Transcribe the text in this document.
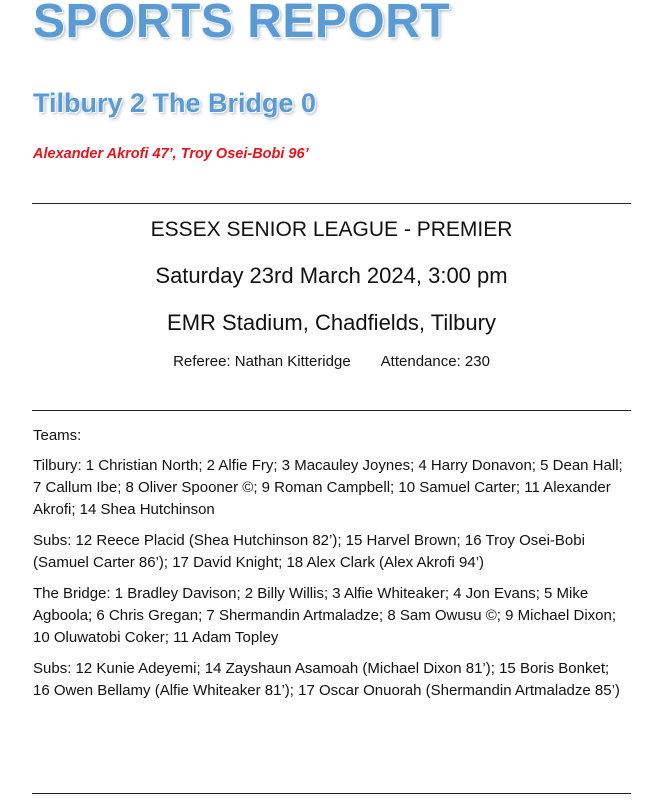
SPORTS REPORT
Tilbury 2 The Bridge 0

Alexander Akrofi 47’, Troy Osei-Bobi 96’

ESSEX SENIOR LEAGUE - PREMIER
Saturday 23rd March 2024, 3:00 pm
EMR Stadium, Chadfields, Tilbury
Referee: Nathan Kitteridge Attendance: 230

Teams:

Tilbury: 1 Christian North; 2 Alfie Fry; 3 Macauley Joynes; 4 Harry Donavon; 5 Dean Hall; 7 Callum Ibe; 8 Oliver Spooner ©; 9 Roman Campbell; 10 Samuel Carter; 11 Alexander Akrofi; 14 Shea Hutchinson

Subs: 12 Reece Placid (Shea Hutchinson 82’); 15 Harvel Brown; 16 Troy Osei-Bobi (Samuel Carter 86’); 17 David Knight; 18 Alex Clark (Alex Akrofi 94’)

The Bridge: 1 Bradley Davison; 2 Billy Willis; 3 Alfie Whiteaker; 4 Jon Evans; 5 Mike Agboola; 6 Chris Gregan; 7 Shermandin Artmaladze; 8 Sam Owusu ©; 9 Michael Dixon; 10 Oluwatobi Coker; 11 Adam Topley

Subs: 12 Kunie Adeyemi; 14 Zayshaun Asamoah (Michael Dixon 81’); 15 Boris Bonket; 16 Owen Bellamy (Alfie Whiteaker 81’); 17 Oscar Onuorah (Shermandin Artmaladze 85’)
